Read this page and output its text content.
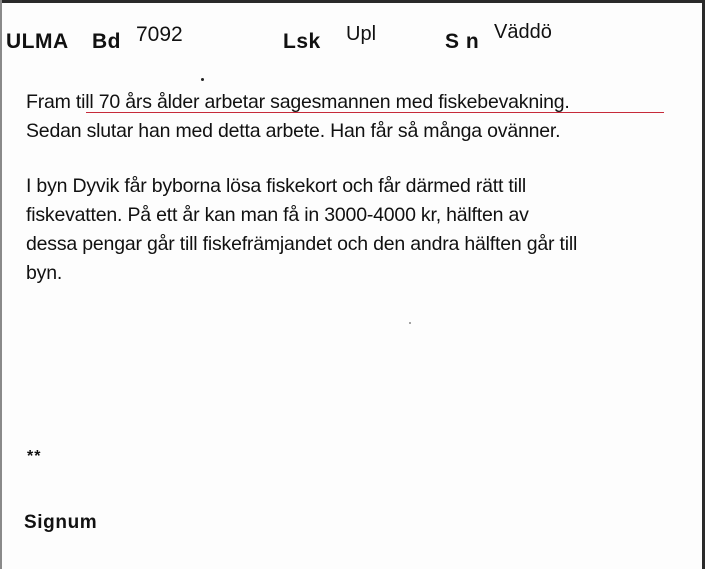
ULMA Bd 7092	Lsk Upl	S n Väddö
Fram till 70 års ålder arbetar sagesmannen med fiskebevakning.
Sedan slutar han med detta arbete. Han får så många ovänner.
I byn Dyvik får byborna lösa fiskekort och får därmed rätt till
fiskevatten. På ett år kan man få in 3000-4000 kr, hälften av
dessa pengar går till fiskefrämjandet och den andra hälften går till
byn.
**
Signum
